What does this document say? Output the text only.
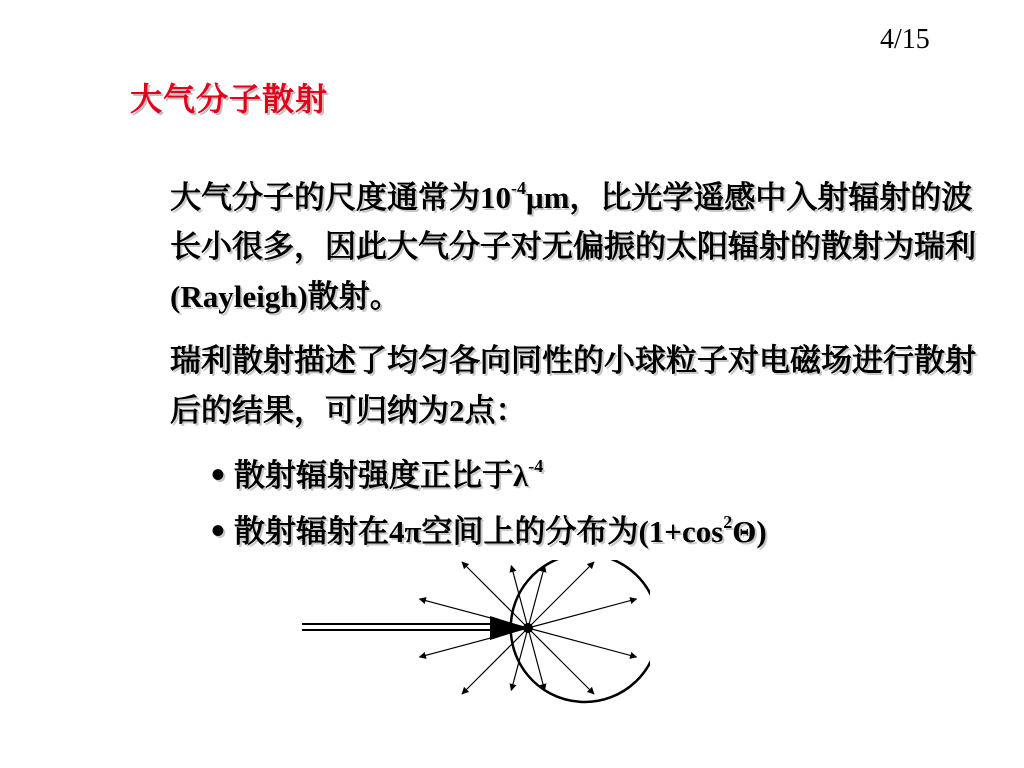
4/15
大气分子散射

大气分子的尺度通常为$10^{-4}\mu m$，比光学遥感中入射辐射的波长小很多，因此大气分子对无偏振的太阳辐射的散射为瑞利(Rayleigh)散射。

瑞利散射描述了均匀各向同性的小球粒子对电磁场进行散射后的结果，可归纳为2点：

• 散射辐射强度正比于$\lambda^{-4}$
• 散射辐射在4π空间上的分布为$(1+\cos^2\Theta)$
